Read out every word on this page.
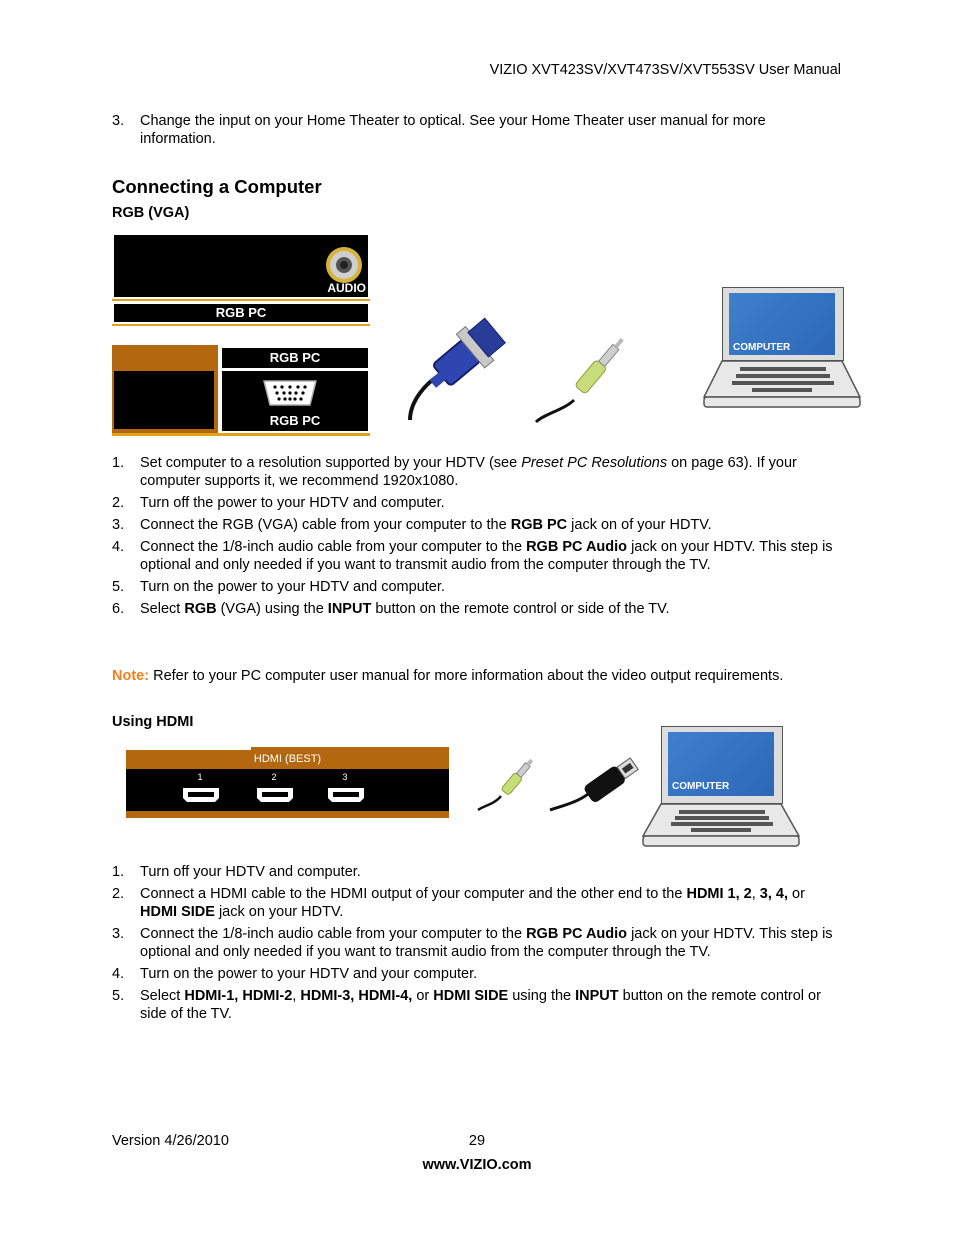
VIZIO XVT423SV/XVT473SV/XVT553SV User Manual
3. Change the input on your Home Theater to optical. See your Home Theater user manual for more information.
Connecting a Computer
RGB (VGA)
AUDIO
RGB PC
RGB PC
RGB PC
COMPUTER
1. Set computer to a resolution supported by your HDTV (see Preset PC Resolutions on page 63). If your computer supports it, we recommend 1920x1080.
2. Turn off the power to your HDTV and computer.
3. Connect the RGB (VGA) cable from your computer to the RGB PC jack on of your HDTV.
4. Connect the 1/8-inch audio cable from your computer to the RGB PC Audio jack on your HDTV. This step is optional and only needed if you want to transmit audio from the computer through the TV.
5. Turn on the power to your HDTV and computer.
6. Select RGB (VGA) using the INPUT button on the remote control or side of the TV.
Note: Refer to your PC computer user manual for more information about the video output requirements.
Using HDMI
HDMI (BEST)
1	2	3
COMPUTER
1. Turn off your HDTV and computer.
2. Connect a HDMI cable to the HDMI output of your computer and the other end to the HDMI 1, 2, 3, 4, or HDMI SIDE jack on your HDTV.
3. Connect the 1/8-inch audio cable from your computer to the RGB PC Audio jack on your HDTV. This step is optional and only needed if you want to transmit audio from the computer through the TV.
4. Turn on the power to your HDTV and your computer.
5. Select HDMI-1, HDMI-2, HDMI-3, HDMI-4, or HDMI SIDE using the INPUT button on the remote control or side of the TV.
Version 4/26/2010	29
www.VIZIO.com
